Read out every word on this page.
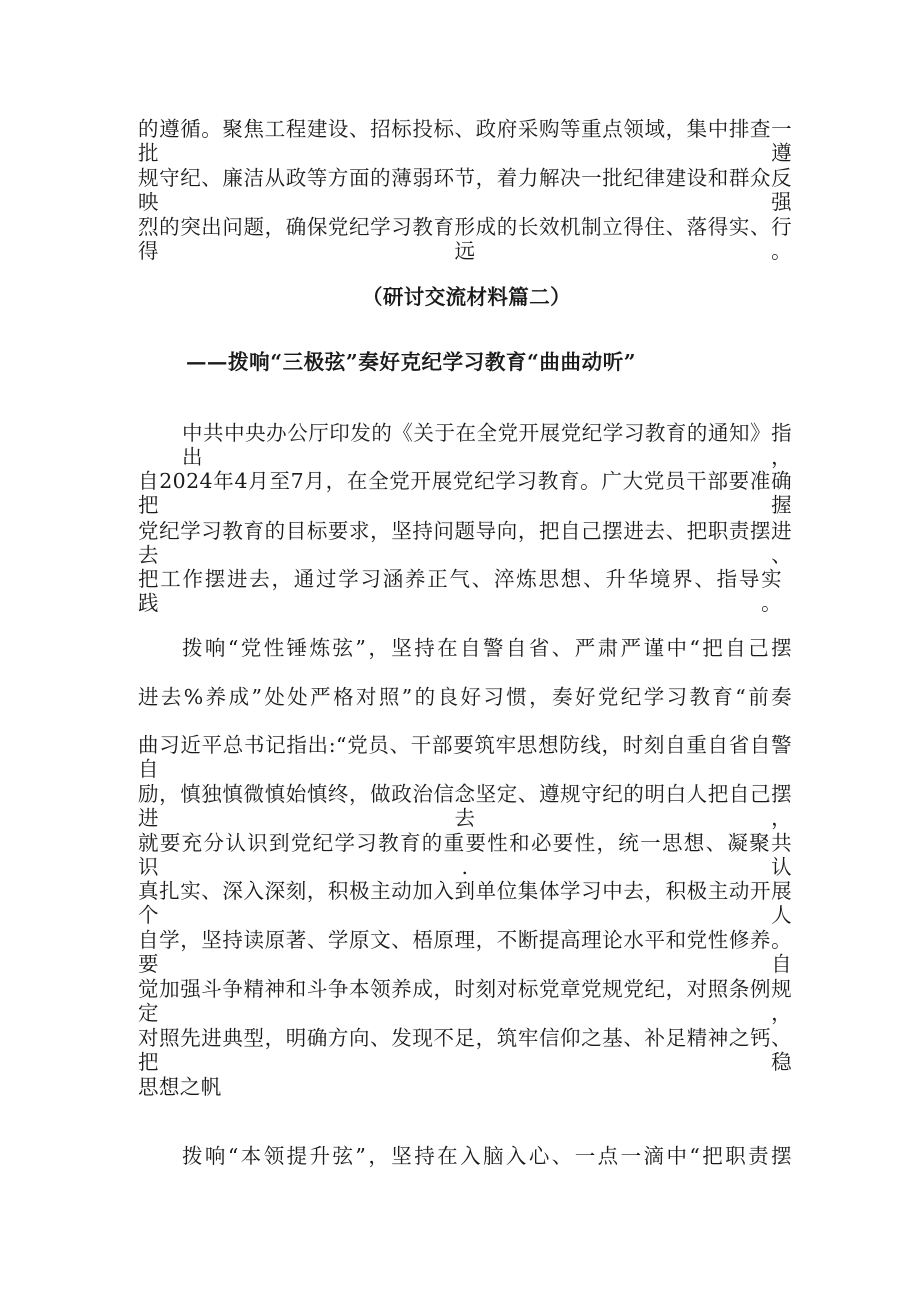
的遵循。聚焦工程建设、招标投标、政府采购等重点领域，集中排查一批遵
规守纪、廉洁从政等方面的薄弱环节，着力解决一批纪律建设和群众反映强
烈的突出问题，确保党纪学习教育形成的长效机制立得住、落得实、行得远。
（研讨交流材料篇二）
——拨响“三极弦”奏好克纪学习教育“曲曲动听”
中共中央办公厅印发的《关于在全党开展党纪学习教育的通知》指出，
自2024年4月至7月，在全党开展党纪学习教育。广大党员干部要准确把握
党纪学习教育的目标要求，坚持问题导向，把自己摆进去、把职责摆进去、
把工作摆进去，通过学习涵养正气、淬炼思想、升华境界、指导实践。
拨响“党性锤炼弦”，坚持在自警自省、严肃严谨中“把自己摆
进去%养成”处处严格对照”的良好习惯，奏好党纪学习教育“前奏
曲习近平总书记指出:“党员、干部要筑牢思想防线，时刻自重自省自警自
励，慎独慎微慎始慎终，做政治信念坚定、遵规守纪的明白人把自己摆进去，
就要充分认识到党纪学习教育的重要性和必要性，统一思想、凝聚共识.认
真扎实、深入深刻，积极主动加入到单位集体学习中去，积极主动开展个人
自学，坚持读原著、学原文、梧原理，不断提高理论水平和党性修养。要自
觉加强斗争精神和斗争本领养成，时刻对标党章党规党纪，对照条例规定，
对照先进典型，明确方向、发现不足，筑牢信仰之基、补足精神之钙、把稳
思想之帆
拨响“本领提升弦”，坚持在入脑入心、一点一滴中“把职责摆
